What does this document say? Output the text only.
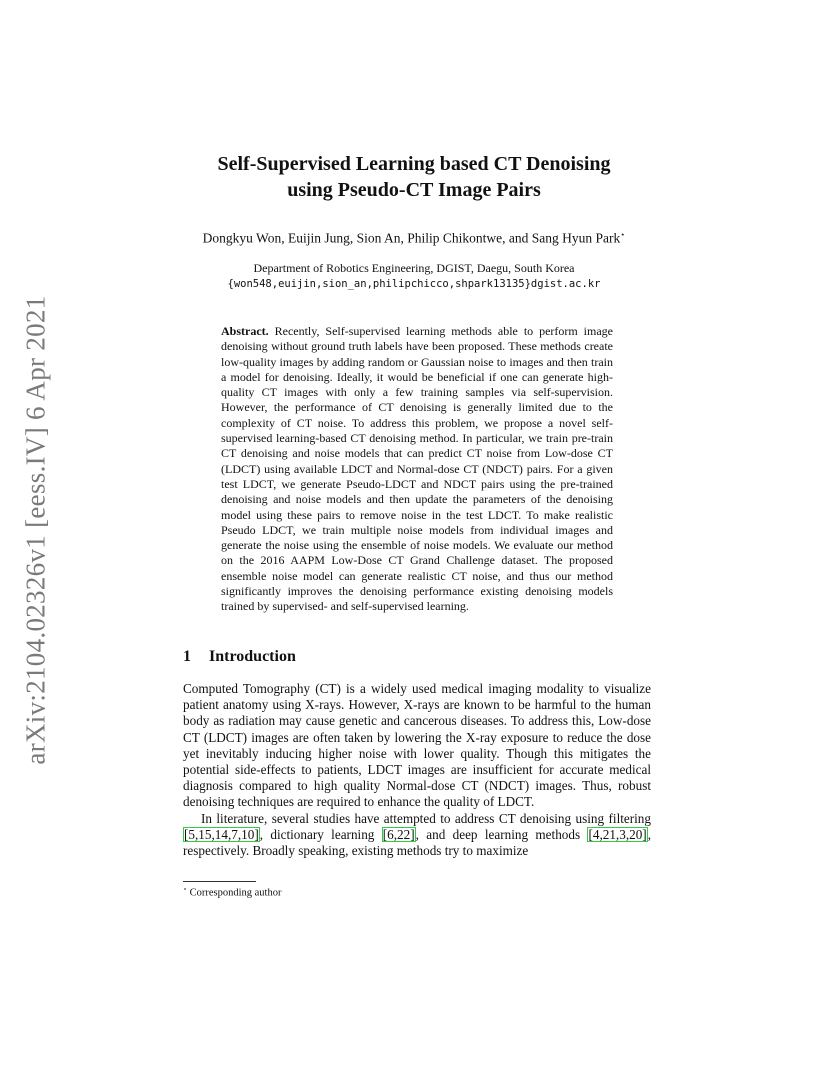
arXiv:2104.02326v1 [eess.IV] 6 Apr 2021
Self-Supervised Learning based CT Denoising
using Pseudo-CT Image Pairs
Dongkyu Won, Euijin Jung, Sion An, Philip Chikontwe, and Sang Hyun Park⋆
Department of Robotics Engineering, DGIST, Daegu, South Korea
{won548,euijin,sion_an,philipchicco,shpark13135}dgist.ac.kr
Abstract. Recently, Self-supervised learning methods able to perform image denoising without ground truth labels have been proposed. These methods create low-quality images by adding random or Gaussian noise to images and then train a model for denoising. Ideally, it would be beneficial if one can generate high-quality CT images with only a few training samples via self-supervision. However, the performance of CT denoising is generally limited due to the complexity of CT noise. To address this problem, we propose a novel self-supervised learning-based CT denoising method. In particular, we train pre-train CT denoising and noise models that can predict CT noise from Low-dose CT (LDCT) using available LDCT and Normal-dose CT (NDCT) pairs. For a given test LDCT, we generate Pseudo-LDCT and NDCT pairs using the pre-trained denoising and noise models and then update the parameters of the denoising model using these pairs to remove noise in the test LDCT. To make realistic Pseudo LDCT, we train multiple noise models from individual images and generate the noise using the ensemble of noise models. We evaluate our method on the 2016 AAPM Low-Dose CT Grand Challenge dataset. The proposed ensemble noise model can generate realistic CT noise, and thus our method significantly improves the denoising performance existing denoising models trained by supervised- and self-supervised learning.
1 Introduction

Computed Tomography (CT) is a widely used medical imaging modality to visualize patient anatomy using X-rays. However, X-rays are known to be harmful to the human body as radiation may cause genetic and cancerous diseases. To address this, Low-dose CT (LDCT) images are often taken by lowering the X-ray exposure to reduce the dose yet inevitably inducing higher noise with lower quality. Though this mitigates the potential side-effects to patients, LDCT images are insufficient for accurate medical diagnosis compared to high quality Normal-dose CT (NDCT) images. Thus, robust denoising techniques are required to enhance the quality of LDCT.

In literature, several studies have attempted to address CT denoising using filtering [5,15,14,7,10], dictionary learning [6,22], and deep learning methods [4,21,3,20], respectively. Broadly speaking, existing methods try to maximize

⋆ Corresponding author
